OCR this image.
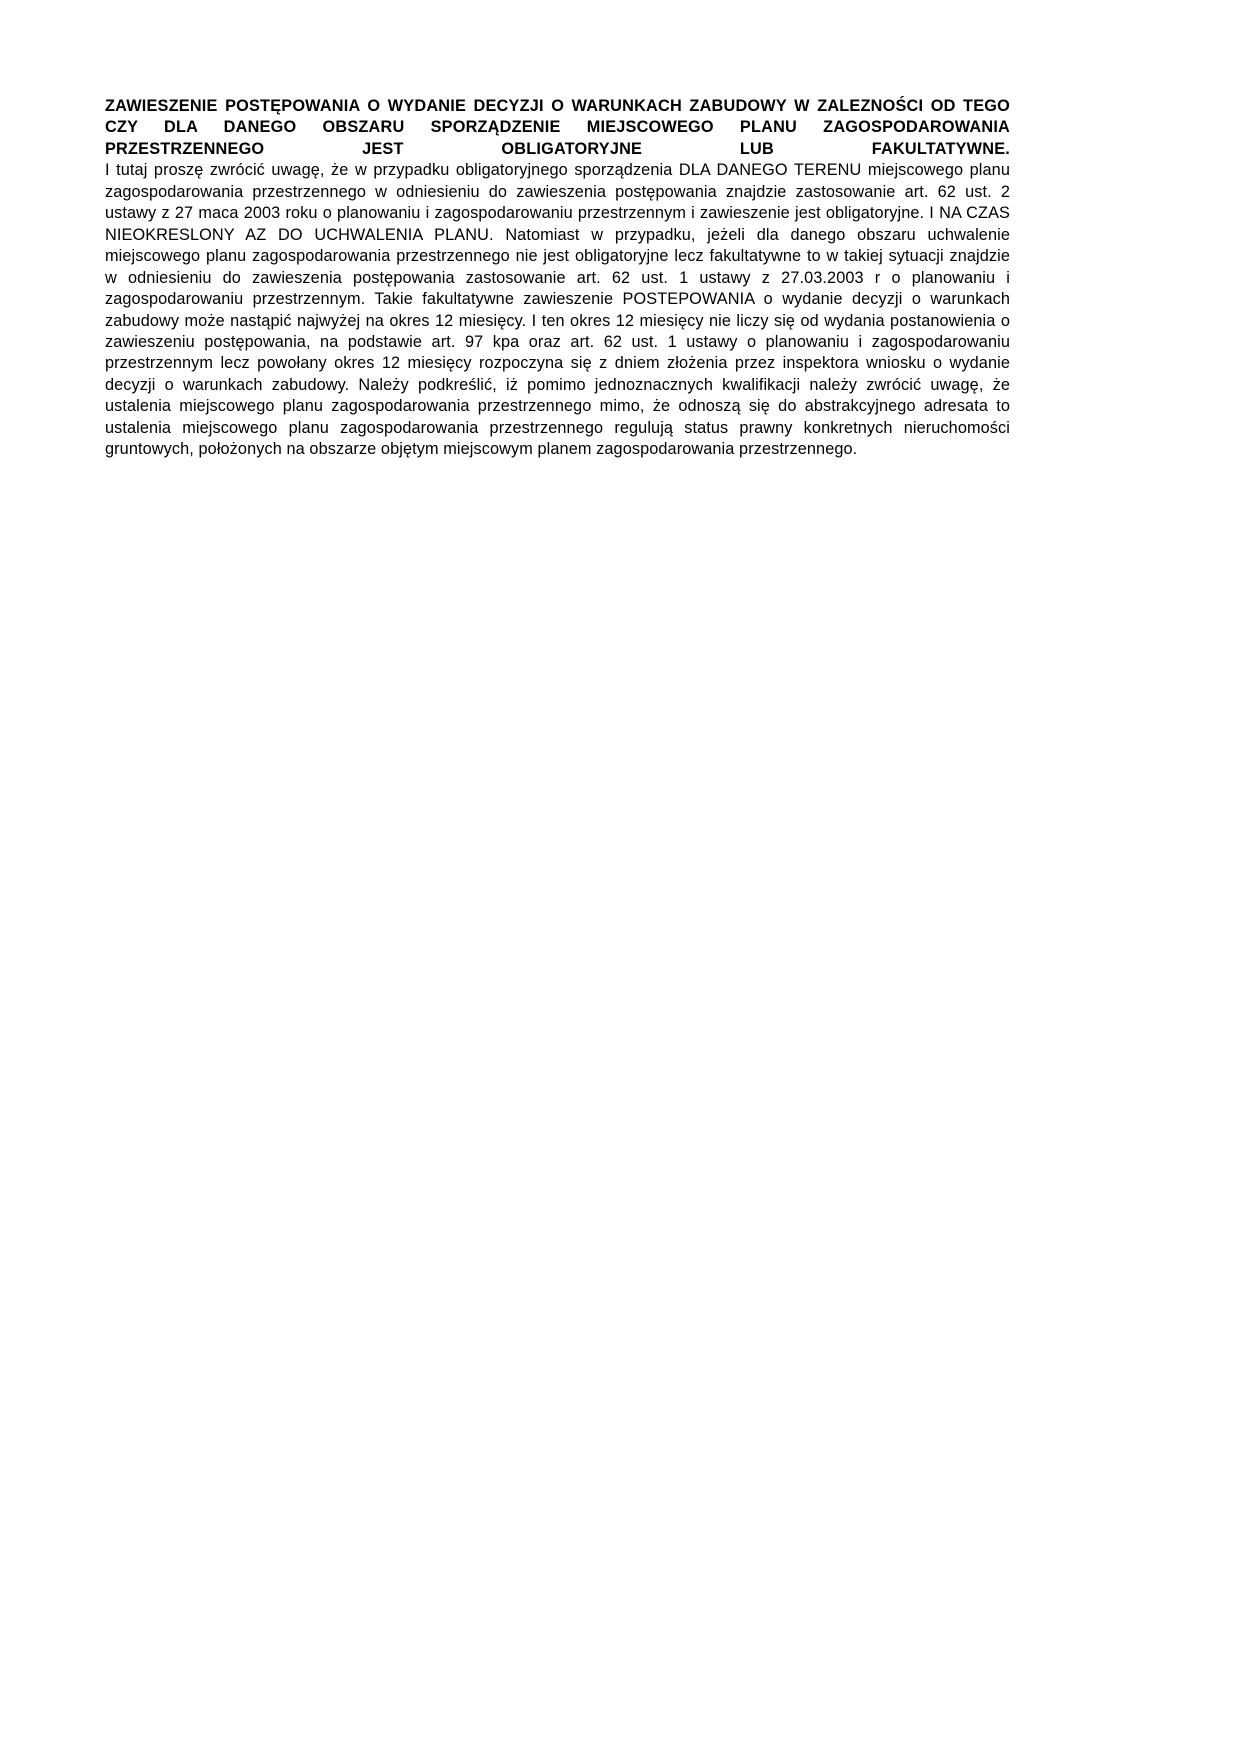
ZAWIESZENIE POSTĘPOWANIA O WYDANIE DECYZJI O WARUNKACH ZABUDOWY W ZALEZNOŚCI OD TEGO CZY DLA DANEGO OBSZARU SPORZĄDZENIE MIEJSCOWEGO PLANU ZAGOSPODAROWANIA PRZESTRZENNEGO JEST OBLIGATORYJNE LUB FAKULTATYWNE.

I tutaj proszę zwrócić uwagę, że w przypadku obligatoryjnego sporządzenia DLA DANEGO TERENU miejscowego planu zagospodarowania przestrzennego w odniesieniu do zawieszenia postępowania znajdzie zastosowanie art. 62 ust. 2 ustawy z 27 maca 2003 roku o planowaniu i zagospodarowaniu przestrzennym i zawieszenie jest obligatoryjne. I NA CZAS NIEOKRESLONY AZ DO UCHWALENIA PLANU. Natomiast w przypadku, jeżeli dla danego obszaru uchwalenie miejscowego planu zagospodarowania przestrzennego nie jest obligatoryjne lecz fakultatywne to w takiej sytuacji znajdzie w odniesieniu do zawieszenia postępowania zastosowanie art. 62 ust. 1 ustawy z 27.03.2003 r o planowaniu i zagospodarowaniu przestrzennym. Takie fakultatywne zawieszenie POSTEPOWANIA o wydanie decyzji o warunkach zabudowy może nastąpić najwyżej na okres 12 miesięcy. I ten okres 12 miesięcy nie liczy się od wydania postanowienia o zawieszeniu postępowania, na podstawie art. 97 kpa oraz art. 62 ust. 1 ustawy o planowaniu i zagospodarowaniu przestrzennym lecz powołany okres 12 miesięcy rozpoczyna się z dniem złożenia przez inspektora wniosku o wydanie decyzji o warunkach zabudowy. Należy podkreślić, iż pomimo jednoznacznych kwalifikacji należy zwrócić uwagę, że ustalenia miejscowego planu zagospodarowania przestrzennego mimo, że odnoszą się do abstrakcyjnego adresata to ustalenia miejscowego planu zagospodarowania przestrzennego regulują status prawny konkretnych nieruchomości gruntowych, położonych na obszarze objętym miejscowym planem zagospodarowania przestrzennego.
